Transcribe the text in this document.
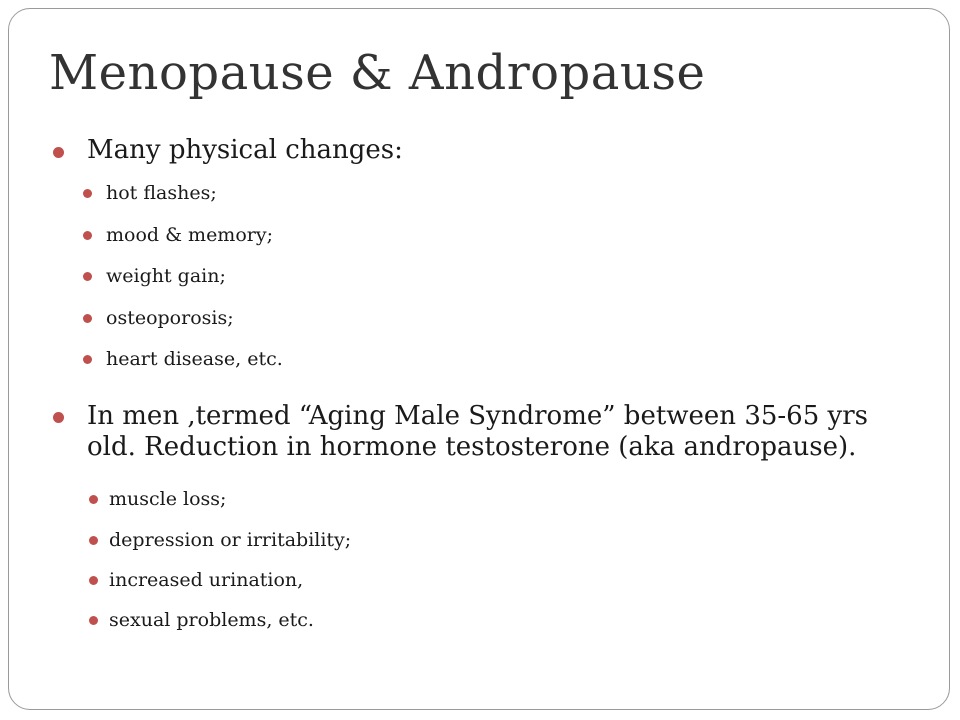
Menopause & Andropause
Many physical changes:
hot flashes;
mood & memory;
weight gain;
osteoporosis;
heart disease, etc.
In men ,termed “Aging Male Syndrome” between 35-65 yrs old. Reduction in hormone testosterone (aka andropause).
muscle loss;
depression or irritability;
increased urination,
sexual problems, etc.
